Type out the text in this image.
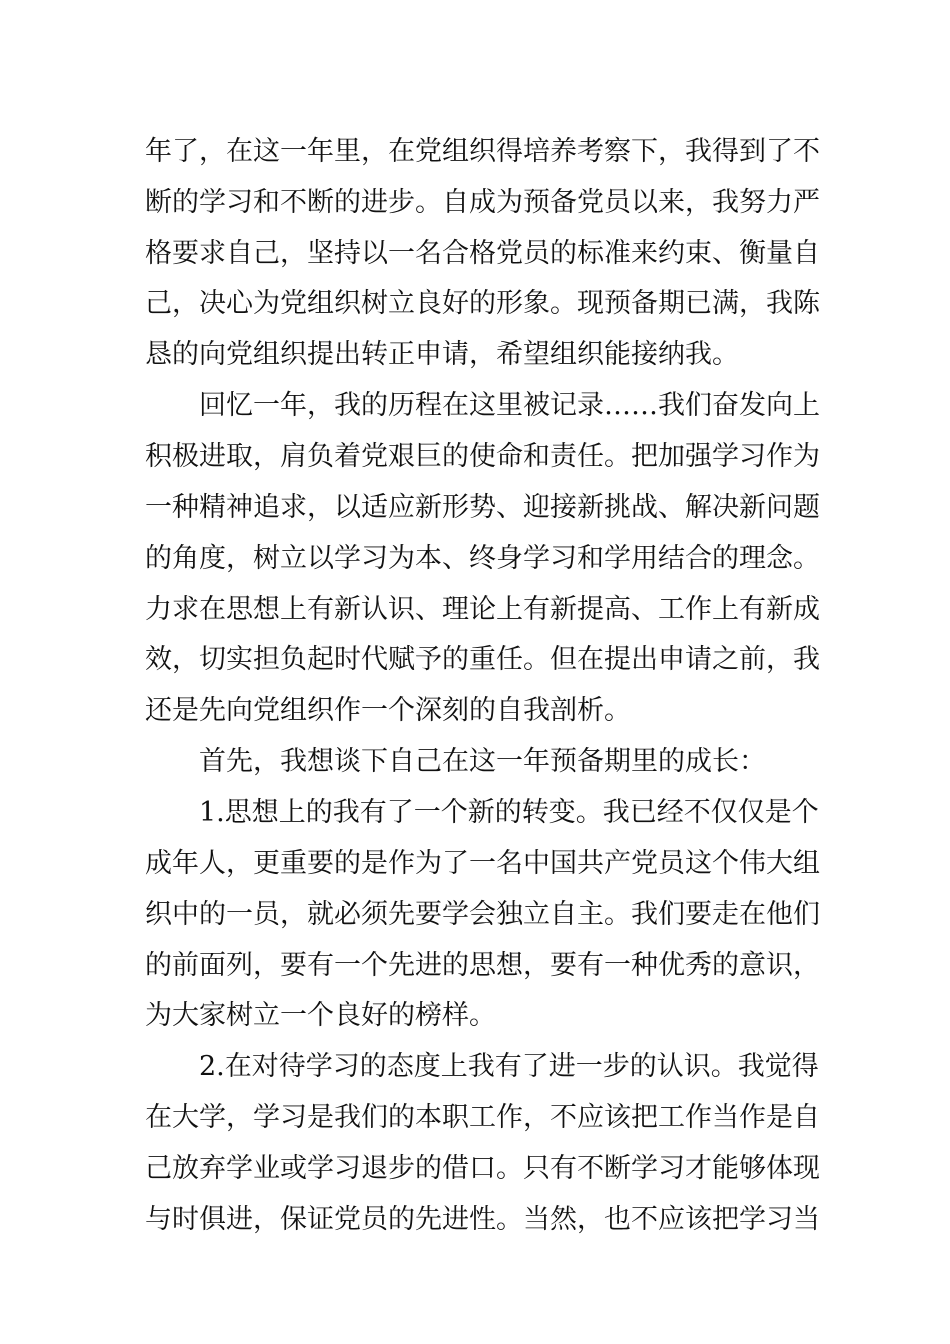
年了，在这一年里，在党组织得培养考察下，我得到了不

断的学习和不断的进步。自成为预备党员以来，我努力严

格要求自己，坚持以一名合格党员的标准来约束、衡量自

己，决心为党组织树立良好的形象。现预备期已满，我陈

恳的向党组织提出转正申请，希望组织能接纳我。

回忆一年，我的历程在这里被记录……我们奋发向上

积极进取，肩负着党艰巨的使命和责任。把加强学习作为

一种精神追求，以适应新形势、迎接新挑战、解决新问题

的角度，树立以学习为本、终身学习和学用结合的理念。

力求在思想上有新认识、理论上有新提高、工作上有新成

效，切实担负起时代赋予的重任。但在提出申请之前，我

还是先向党组织作一个深刻的自我剖析。

首先，我想谈下自己在这一年预备期里的成长：

1.思想上的我有了一个新的转变。我已经不仅仅是个

成年人，更重要的是作为了一名中国共产党员这个伟大组

织中的一员，就必须先要学会独立自主。我们要走在他们

的前面列，要有一个先进的思想，要有一种优秀的意识，

为大家树立一个良好的榜样。

2.在对待学习的态度上我有了进一步的认识。我觉得

在大学，学习是我们的本职工作，不应该把工作当作是自

己放弃学业或学习退步的借口。只有不断学习才能够体现

与时俱进，保证党员的先进性。当然，也不应该把学习当
